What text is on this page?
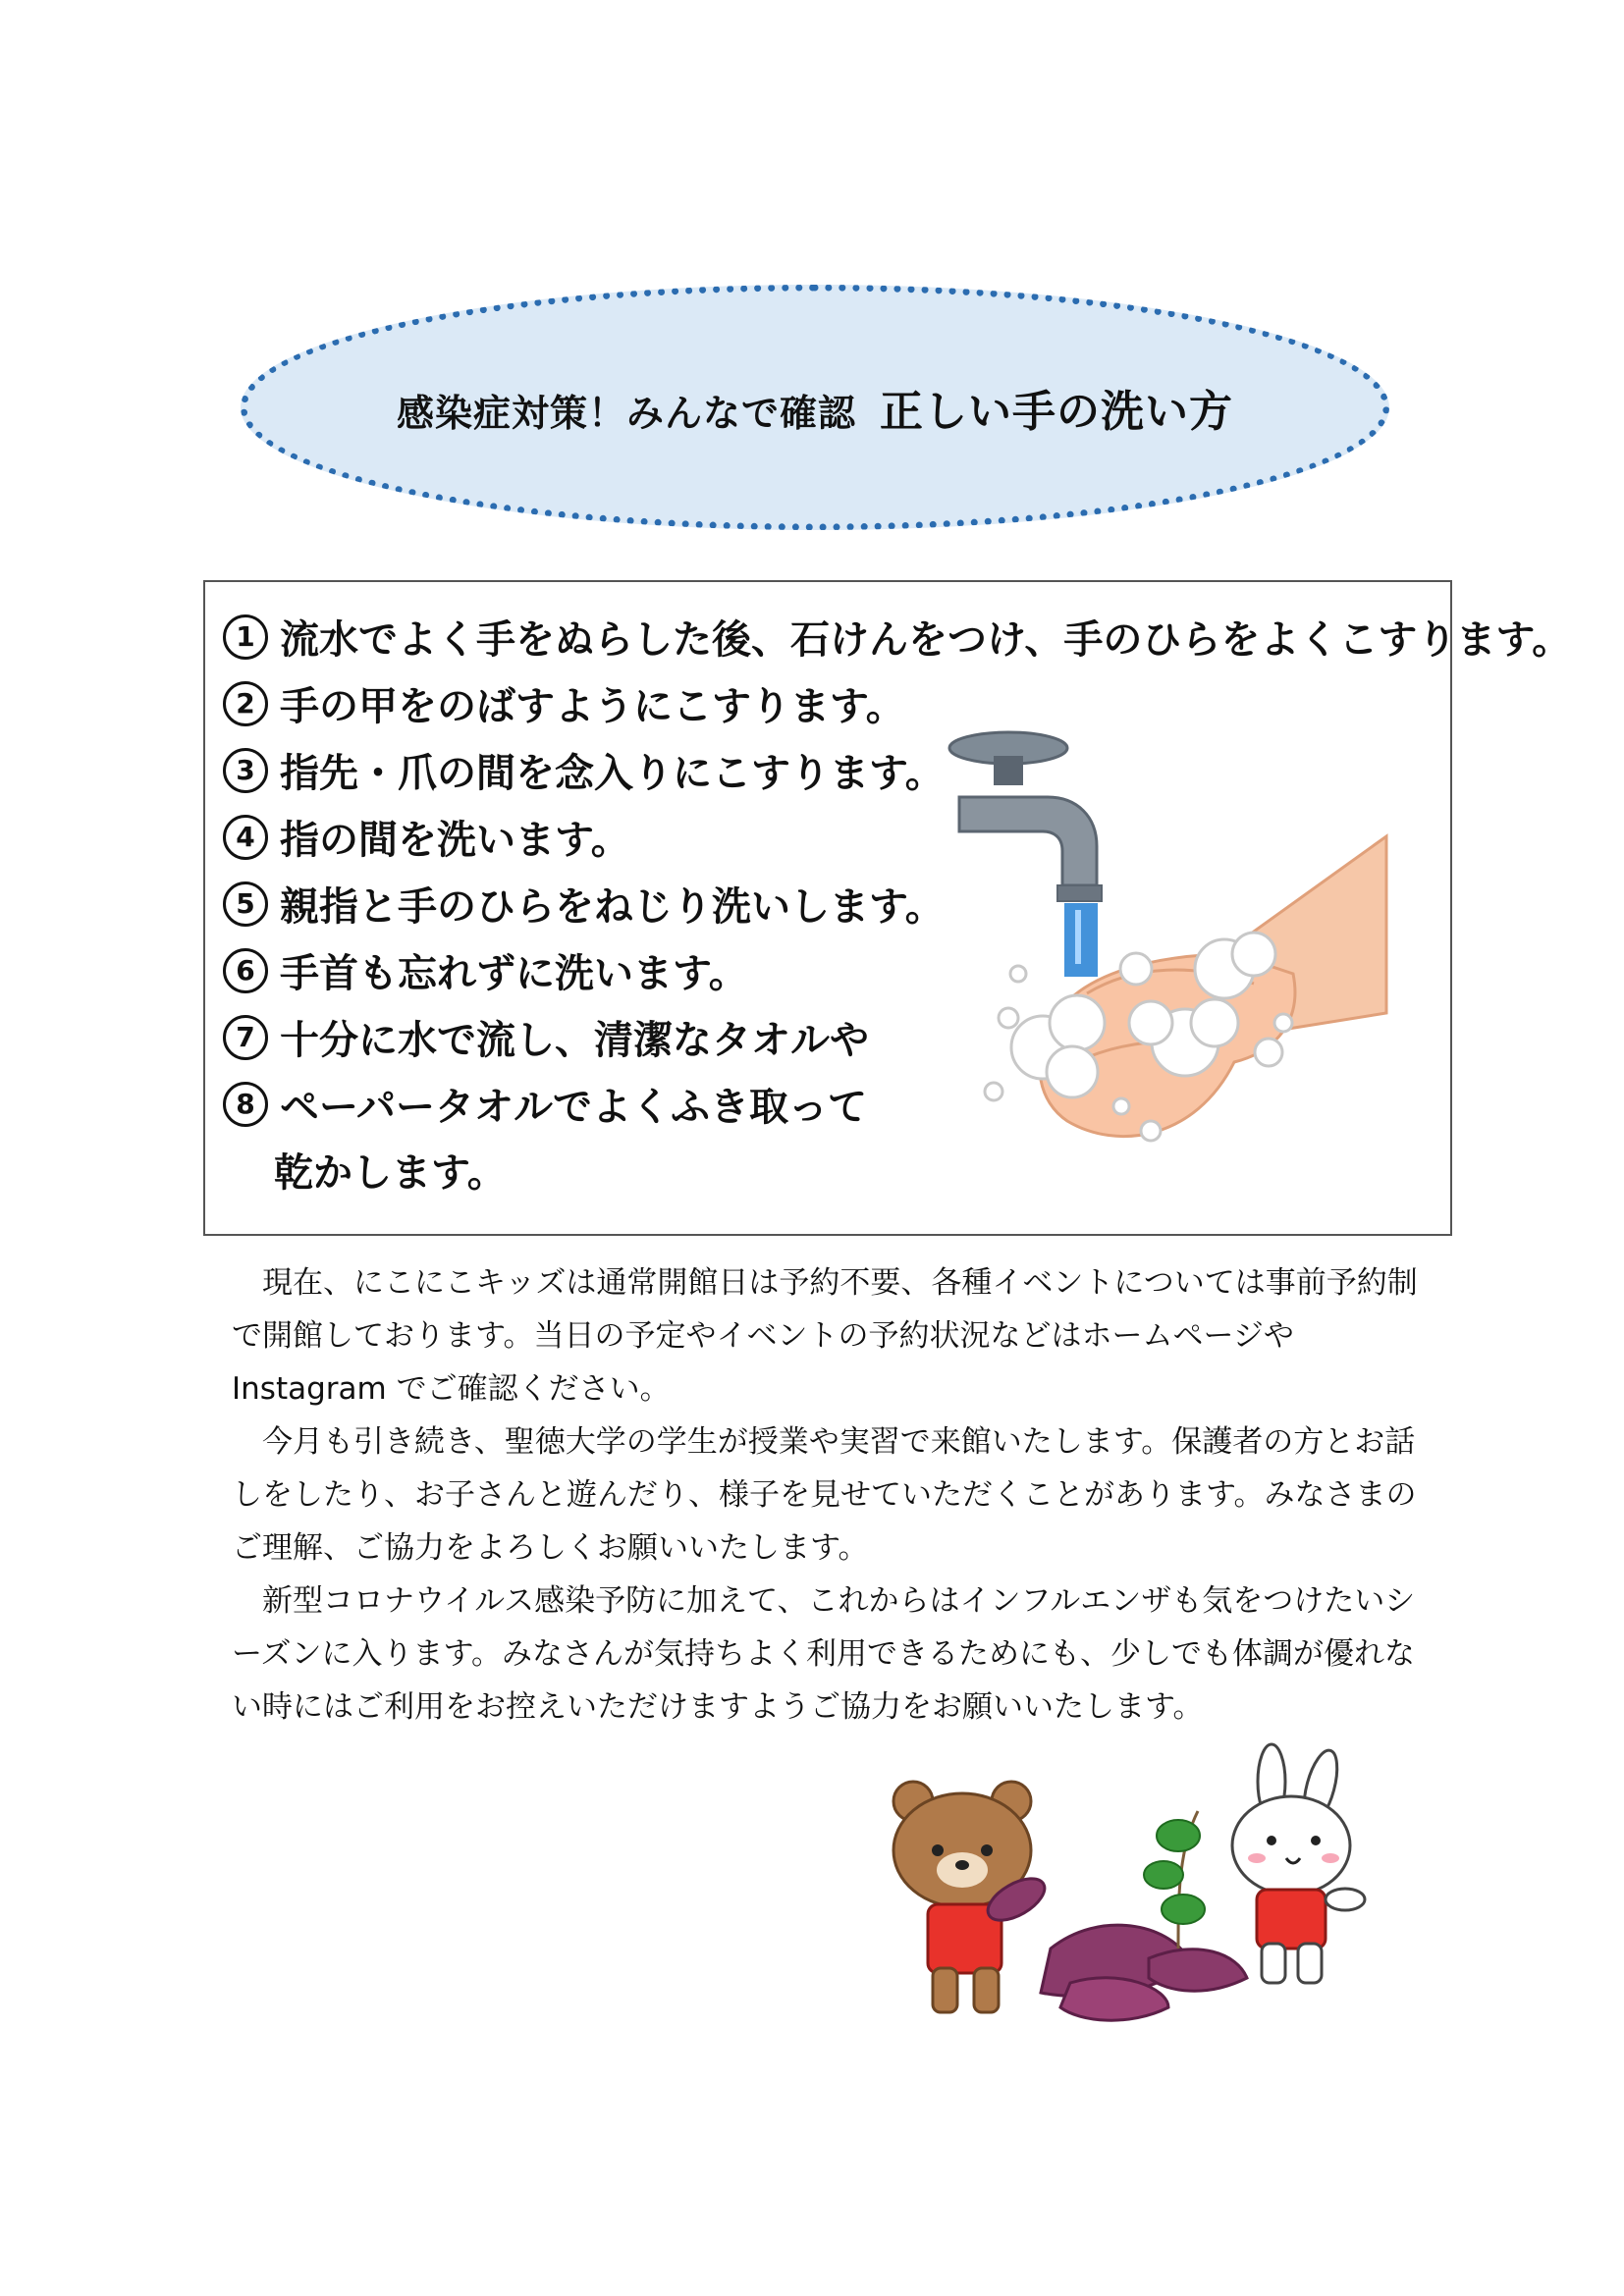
感染症対策！みんなで確認 正しい手の洗い方
1 流水でよく手をぬらした後、石けんをつけ、手のひらをよくこすります。
2 手の甲をのばすようにこすります。
3 指先・爪の間を念入りにこすります。
4 指の間を洗います。
5 親指と手のひらをねじり洗いします。
6 手首も忘れずに洗います。
7 十分に水で流し、清潔なタオルや
8 ペーパータオルでよくふき取って
乾かします。

現在、にこにこキッズは通常開館日は予約不要、各種イベントについては事前予約制で開館しております。当日の予定やイベントの予約状況などはホームページや Instagram でご確認ください。

今月も引き続き、聖徳大学の学生が授業や実習で来館いたします。保護者の方とお話しをしたり、お子さんと遊んだり、様子を見せていただくことがあります。みなさまのご理解、ご協力をよろしくお願いいたします。

新型コロナウイルス感染予防に加えて、これからはインフルエンザも気をつけたいシーズンに入ります。みなさんが気持ちよく利用できるためにも、少しでも体調が優れない時にはご利用をお控えいただけますようご協力をお願いいたします。
